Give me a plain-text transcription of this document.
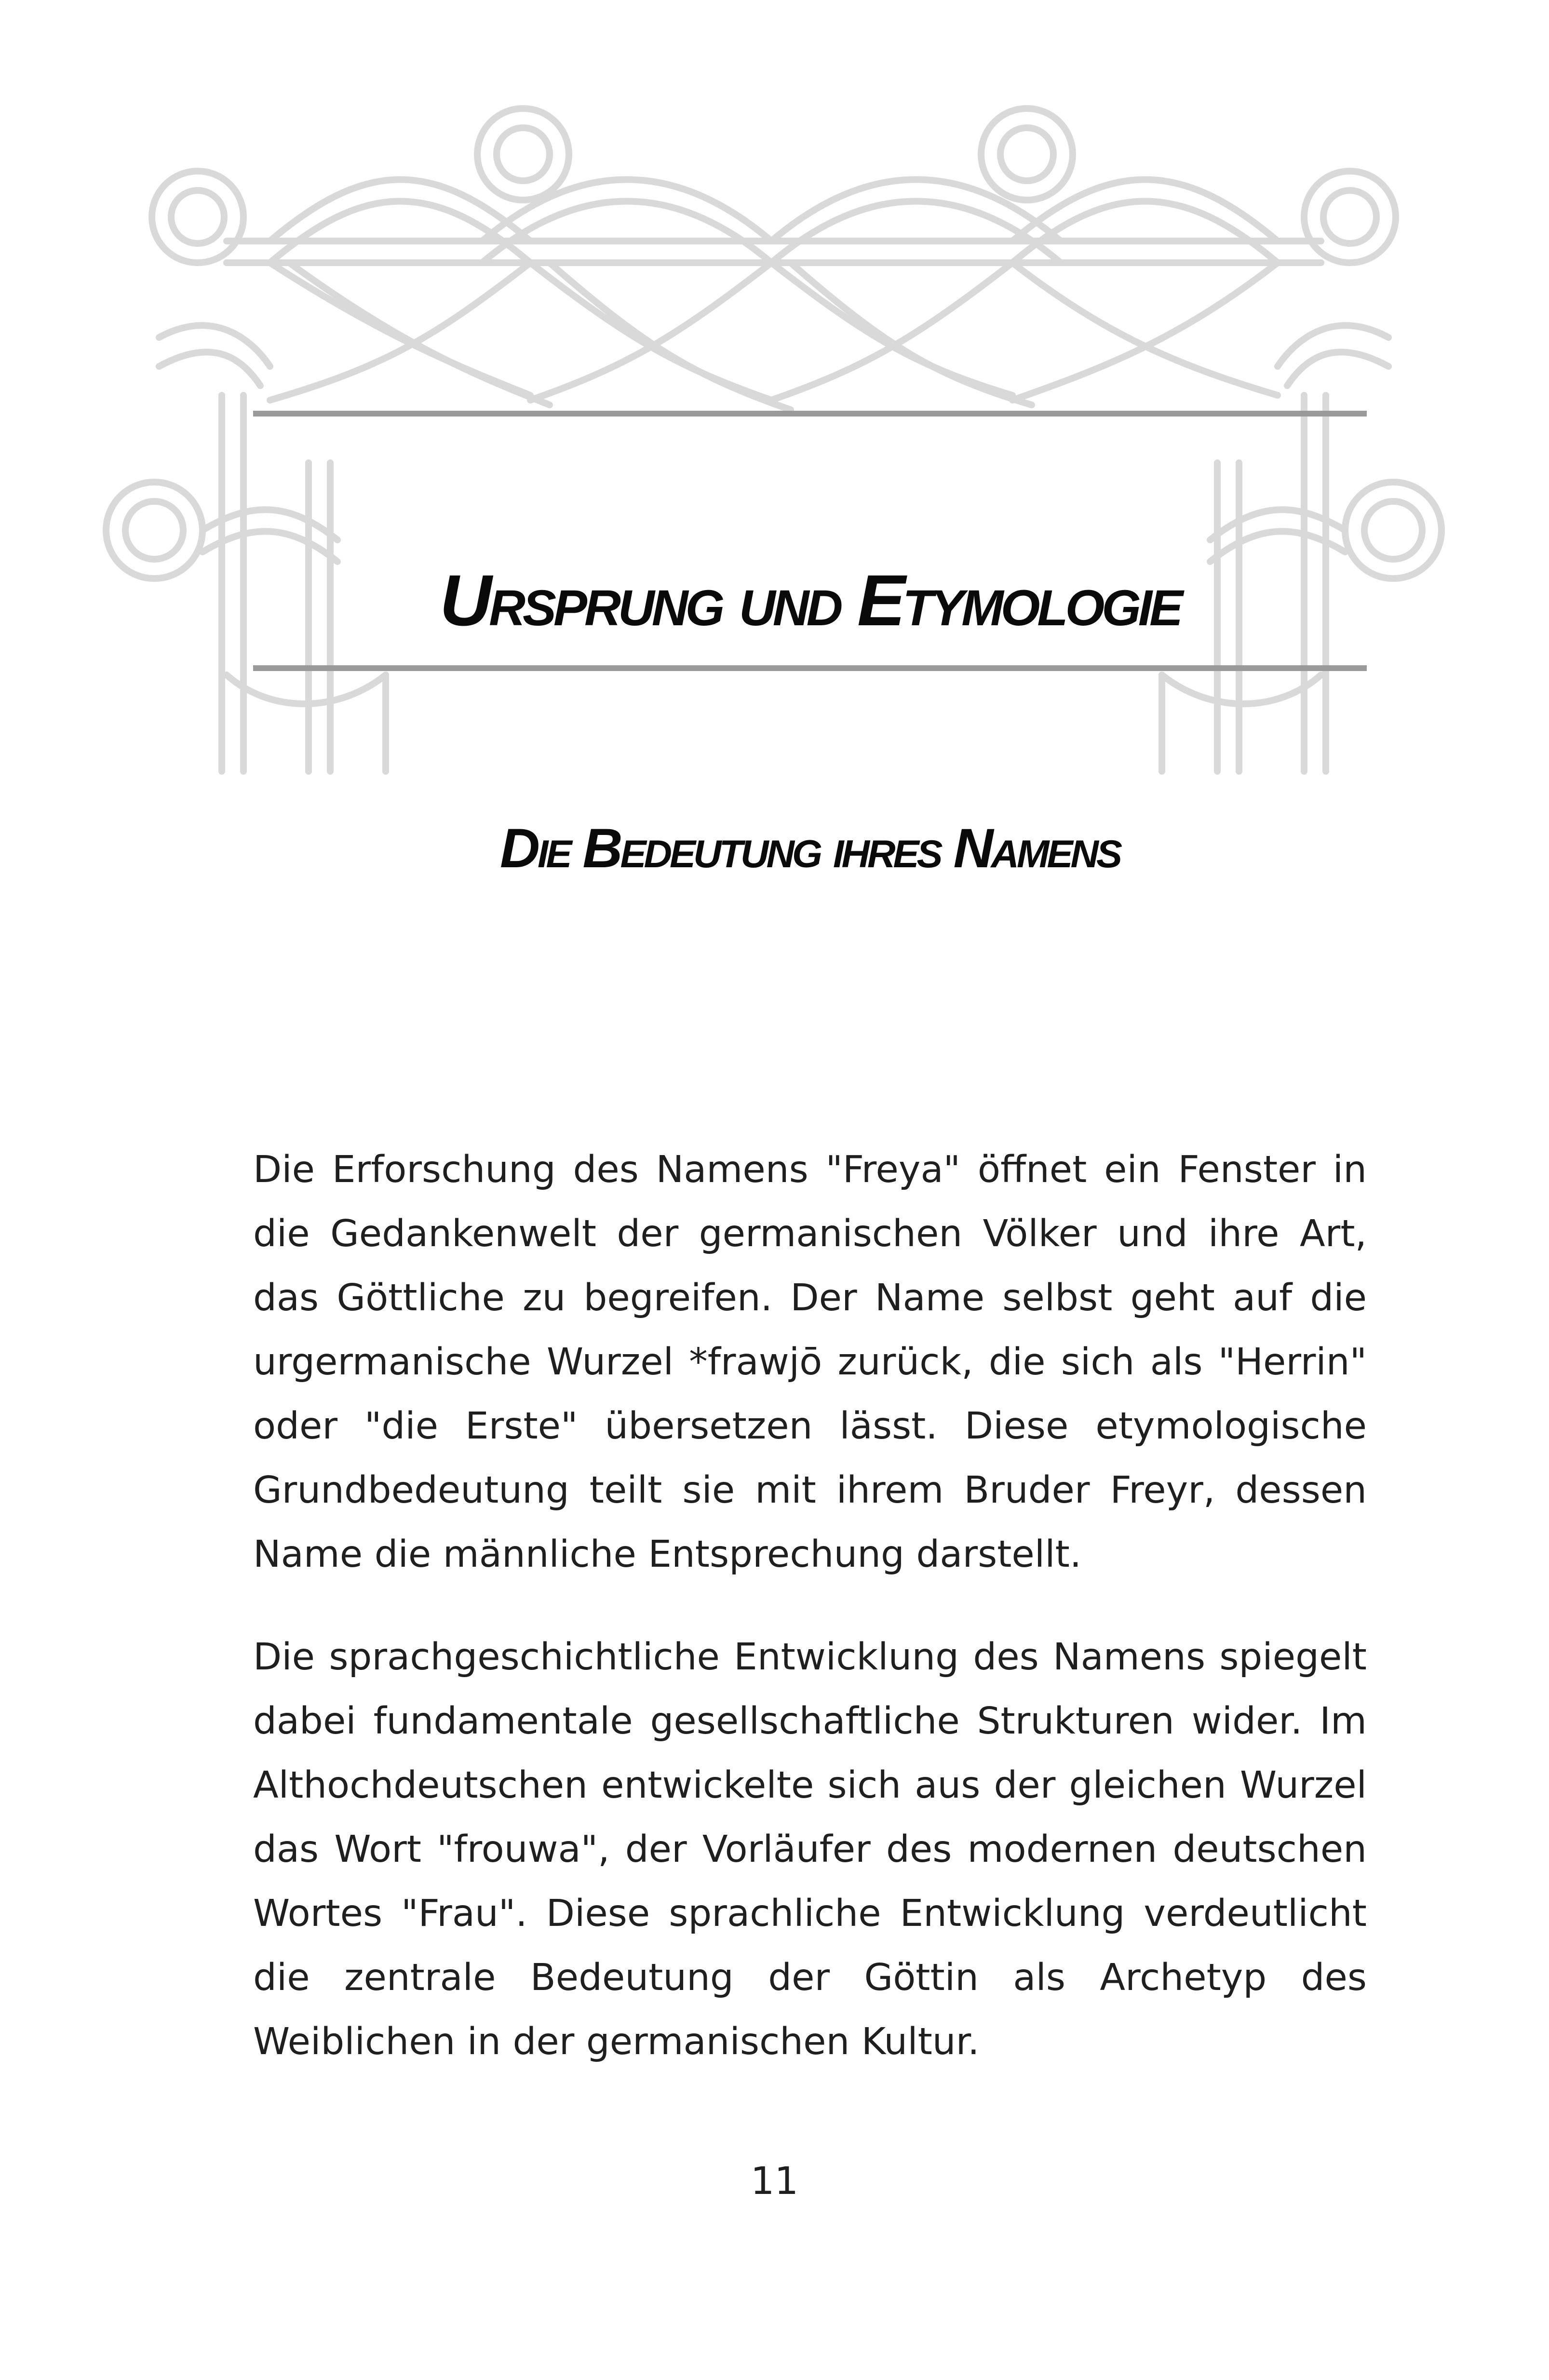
Ursprung und Etymologie
Die Bedeutung ihres Namens

Die Erforschung des Namens "Freya" öffnet ein Fenster in die Gedankenwelt der germanischen Völker und ihre Art, das Göttliche zu begreifen. Der Name selbst geht auf die urgermanische Wurzel *frawjō zurück, die sich als "Herrin" oder "die Erste" übersetzen lässt. Diese etymologische Grundbedeutung teilt sie mit ihrem Bruder Freyr, dessen Name die männliche Entsprechung darstellt.

Die sprachgeschichtliche Entwicklung des Namens spiegelt dabei fundamentale gesellschaftliche Strukturen wider. Im Althochdeutschen entwickelte sich aus der gleichen Wurzel das Wort "frouwa", der Vorläufer des modernen deutschen Wortes "Frau". Diese sprachliche Entwicklung verdeutlicht die zentrale Bedeutung der Göttin als Archetyp des Weiblichen in der germanischen Kultur.

11
